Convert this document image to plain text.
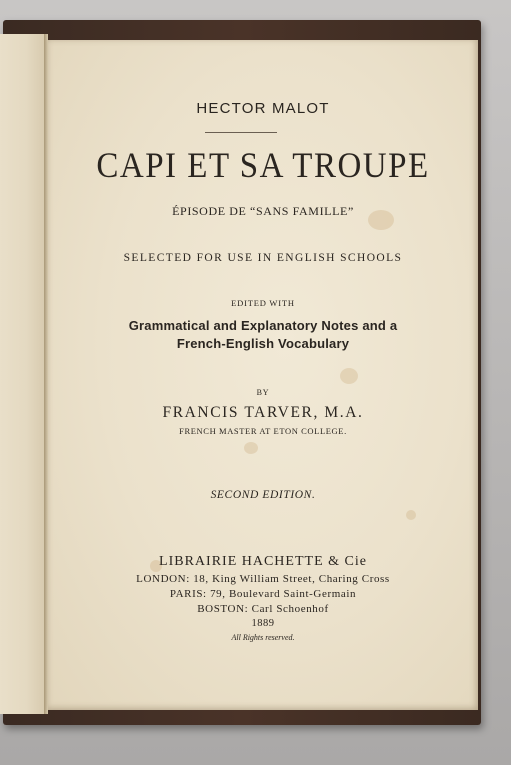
HECTOR MALOT
CAPI ET SA TROUPE
ÉPISODE DE “SANS FAMILLE”
SELECTED FOR USE IN ENGLISH SCHOOLS
EDITED WITH
Grammatical and Explanatory Notes and a
French-English Vocabulary
BY
FRANCIS TARVER, M.A.
FRENCH MASTER AT ETON COLLEGE.
SECOND EDITION.
LIBRAIRIE HACHETTE & Cie
LONDON: 18, King William Street, Charing Cross
PARIS: 79, Boulevard Saint-Germain
BOSTON: Carl Schoenhof
1889
All Rights reserved.
